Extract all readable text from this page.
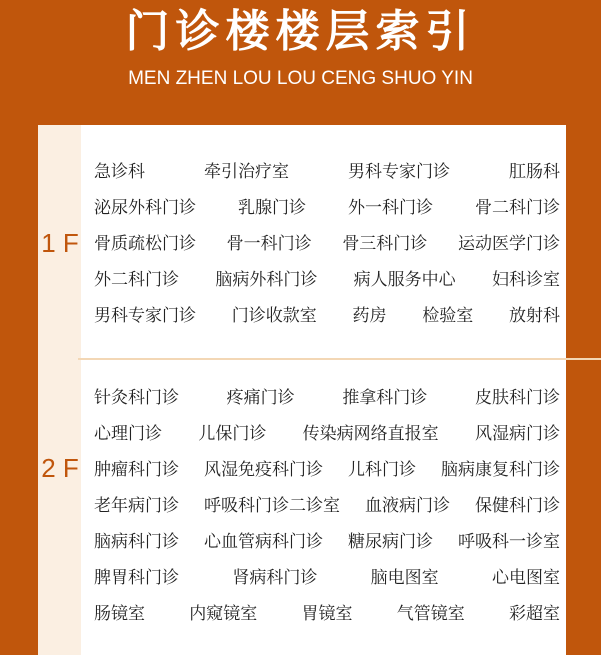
门诊楼楼层索引
MEN ZHEN LOU LOU CENG SHUO YIN
1 F
急诊科	牵引治疗室	男科专家门诊	肛肠科
泌尿外科门诊 乳腺门诊 外一科门诊 骨二科门诊
骨质疏松门诊 骨一科门诊 骨三科门诊 运动医学门诊
外二科门诊 脑病外科门诊 病人服务中心 妇科诊室
男科专家门诊 门诊收款室 药房 检验室 放射科
2 F
针灸科门诊	疼痛门诊	推拿科门诊	皮肤科门诊
心理门诊 儿保门诊 传染病网络直报室 风湿病门诊
肿瘤科门诊 风湿免疫科门诊 儿科门诊 脑病康复科门诊
老年病门诊 呼吸科门诊二诊室 血液病门诊 保健科门诊
脑病科门诊 心血管病科门诊 糖尿病门诊 呼吸科一诊室
脾胃科门诊	肾病科门诊	脑电图室	心电图室
肠镜室	内窥镜室	胃镜室	气管镜室	彩超室
